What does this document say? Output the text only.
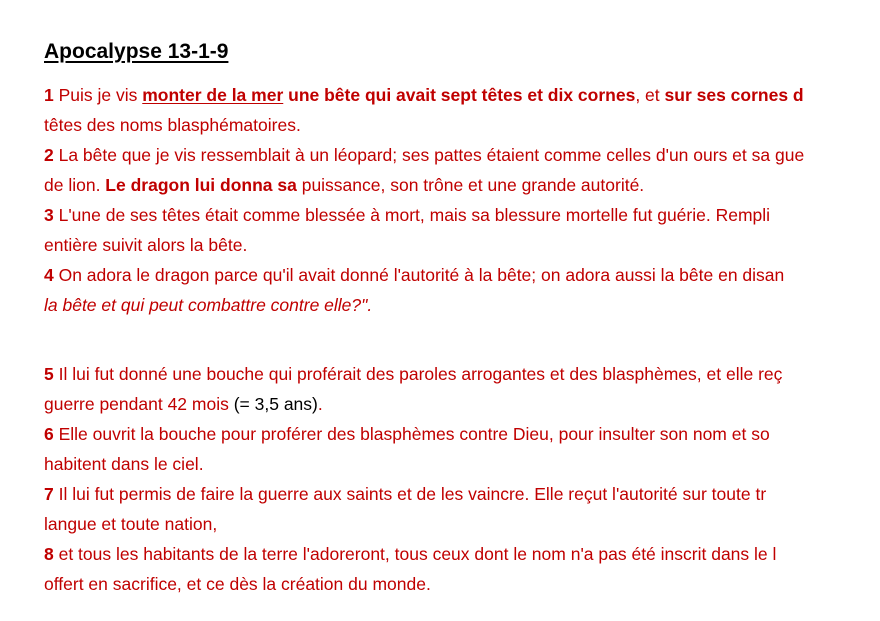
Apocalypse 13-1-9
1 Puis je vis monter de la mer une bête qui avait sept têtes et dix cornes, et sur ses cornes d
têtes des noms blasphématoires.
2 La bête que je vis ressemblait à un léopard; ses pattes étaient comme celles d'un ours et sa gue
de lion. Le dragon lui donna sa puissance, son trône et une grande autorité.
3 L'une de ses têtes était comme blessée à mort, mais sa blessure mortelle fut guérie. Rempli
entière suivit alors la bête.
4 On adora le dragon parce qu'il avait donné l'autorité à la bête; on adora aussi la bête en disan
la bête et qui peut combattre contre elle?".
5 Il lui fut donné une bouche qui proférait des paroles arrogantes et des blasphèmes, et elle reç
guerre pendant 42 mois (= 3,5 ans).
6 Elle ouvrit la bouche pour proférer des blasphèmes contre Dieu, pour insulter son nom et so
habitent dans le ciel.
7 Il lui fut permis de faire la guerre aux saints et de les vaincre. Elle reçut l'autorité sur toute tr
langue et toute nation,
8 et tous les habitants de la terre l'adoreront, tous ceux dont le nom n'a pas été inscrit dans le l
offert en sacrifice, et ce dès la création du monde.
